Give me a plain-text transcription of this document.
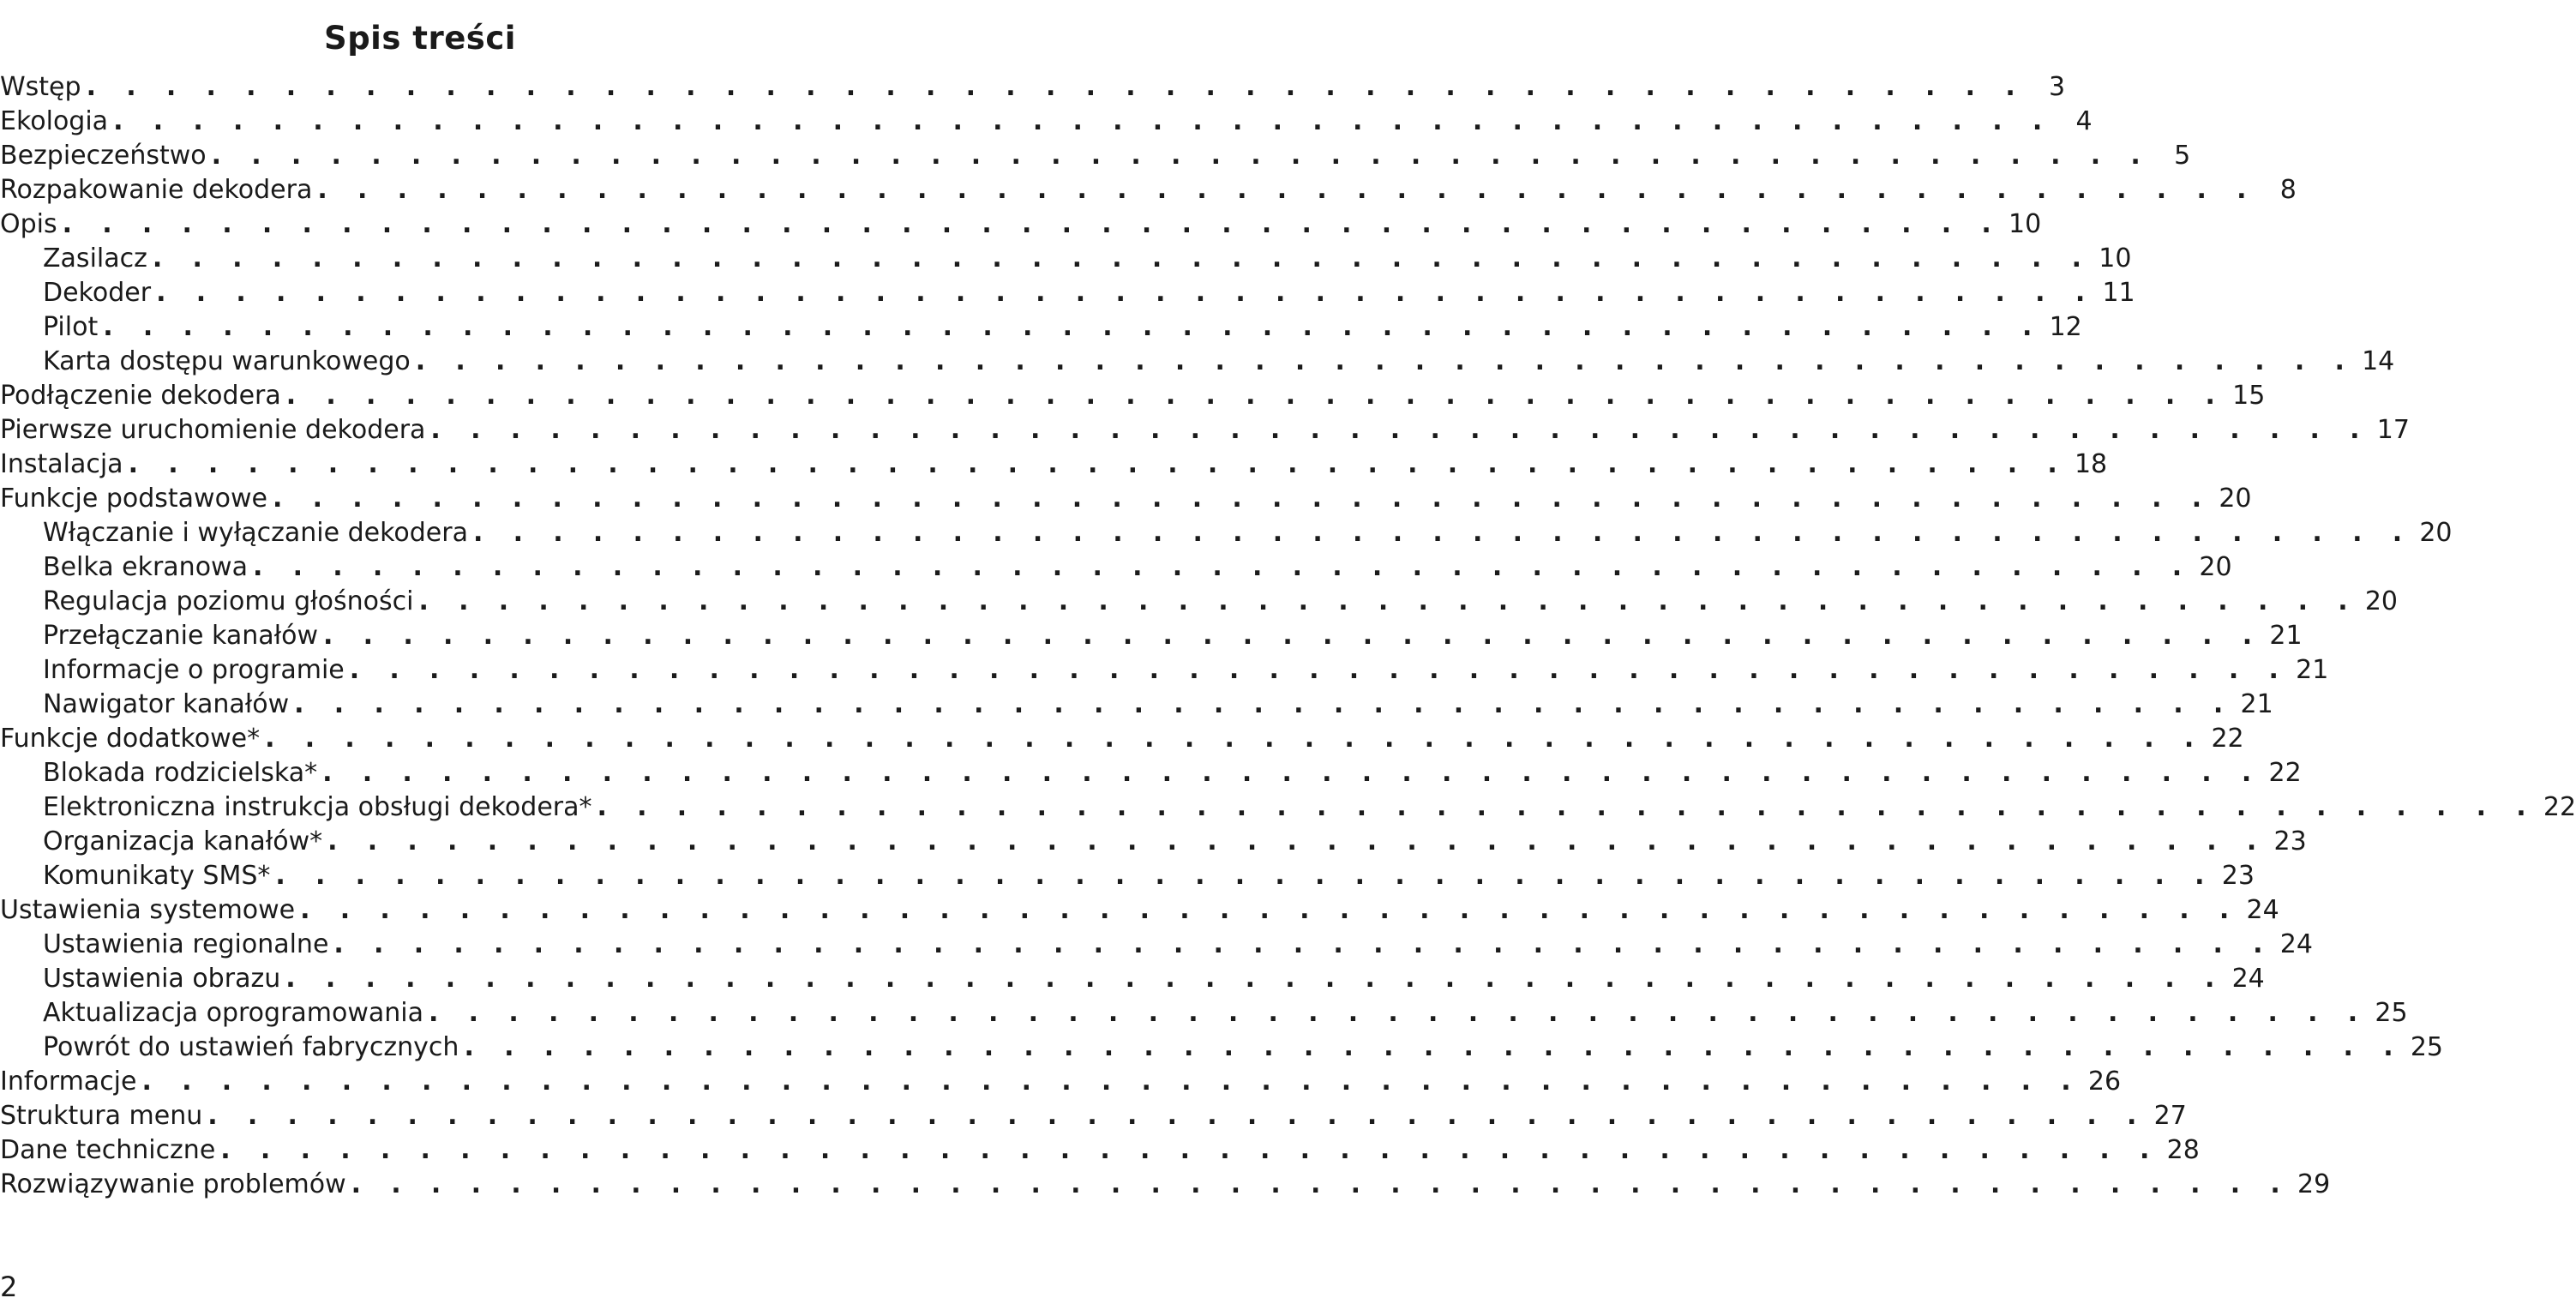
Spis treści
Wstęp . . . . . . . . . . . . . . . . . . . . . . . . . . . . . . . . . . . . . . . . . . . . . . . . . 3
Ekologia . . . . . . . . . . . . . . . . . . . . . . . . . . . . . . . . . . . . . . . . . . . . . . . . . 4
Bezpieczeństwo . . . . . . . . . . . . . . . . . . . . . . . . . . . . . . . . . . . . . . . . . . . . . . . . . 5
Rozpakowanie dekodera . . . . . . . . . . . . . . . . . . . . . . . . . . . . . . . . . . . . . . . . . . . . . . . . . 8
Opis . . . . . . . . . . . . . . . . . . . . . . . . . . . . . . . . . . . . . . . . . . . . . . . . . 10
Zasilacz . . . . . . . . . . . . . . . . . . . . . . . . . . . . . . . . . . . . . . . . . . . . . . . . . 10
Dekoder . . . . . . . . . . . . . . . . . . . . . . . . . . . . . . . . . . . . . . . . . . . . . . . . . 11
Pilot . . . . . . . . . . . . . . . . . . . . . . . . . . . . . . . . . . . . . . . . . . . . . . . . . 12
Karta dostępu warunkowego . . . . . . . . . . . . . . . . . . . . . . . . . . . . . . . . . . . . . . . . . . . . . . . . . 14
Podłączenie dekodera . . . . . . . . . . . . . . . . . . . . . . . . . . . . . . . . . . . . . . . . . . . . . . . . . 15
Pierwsze uruchomienie dekodera . . . . . . . . . . . . . . . . . . . . . . . . . . . . . . . . . . . . . . . . . . . . . . . . . 17
Instalacja . . . . . . . . . . . . . . . . . . . . . . . . . . . . . . . . . . . . . . . . . . . . . . . . . 18
Funkcje podstawowe . . . . . . . . . . . . . . . . . . . . . . . . . . . . . . . . . . . . . . . . . . . . . . . . . 20
Włączanie i wyłączanie dekodera . . . . . . . . . . . . . . . . . . . . . . . . . . . . . . . . . . . . . . . . . . . . . . . . . 20
Belka ekranowa . . . . . . . . . . . . . . . . . . . . . . . . . . . . . . . . . . . . . . . . . . . . . . . . . 20
Regulacja poziomu głośności . . . . . . . . . . . . . . . . . . . . . . . . . . . . . . . . . . . . . . . . . . . . . . . . . 20
Przełączanie kanałów . . . . . . . . . . . . . . . . . . . . . . . . . . . . . . . . . . . . . . . . . . . . . . . . . 21
Informacje o programie . . . . . . . . . . . . . . . . . . . . . . . . . . . . . . . . . . . . . . . . . . . . . . . . . 21
Nawigator kanałów . . . . . . . . . . . . . . . . . . . . . . . . . . . . . . . . . . . . . . . . . . . . . . . . . 21
Funkcje dodatkowe* . . . . . . . . . . . . . . . . . . . . . . . . . . . . . . . . . . . . . . . . . . . . . . . . . 22
Blokada rodzicielska* . . . . . . . . . . . . . . . . . . . . . . . . . . . . . . . . . . . . . . . . . . . . . . . . . 22
Elektroniczna instrukcja obsługi dekodera* . . . . . . . . . . . . . . . . . . . . . . . . . . . . . . . . . . . . . . . . . . . . . . . . . 22
Organizacja kanałów* . . . . . . . . . . . . . . . . . . . . . . . . . . . . . . . . . . . . . . . . . . . . . . . . . 23
Komunikaty SMS* . . . . . . . . . . . . . . . . . . . . . . . . . . . . . . . . . . . . . . . . . . . . . . . . . 23
Ustawienia systemowe . . . . . . . . . . . . . . . . . . . . . . . . . . . . . . . . . . . . . . . . . . . . . . . . . 24
Ustawienia regionalne . . . . . . . . . . . . . . . . . . . . . . . . . . . . . . . . . . . . . . . . . . . . . . . . . 24
Ustawienia obrazu . . . . . . . . . . . . . . . . . . . . . . . . . . . . . . . . . . . . . . . . . . . . . . . . . 24
Aktualizacja oprogramowania . . . . . . . . . . . . . . . . . . . . . . . . . . . . . . . . . . . . . . . . . . . . . . . . . 25
Powrót do ustawień fabrycznych . . . . . . . . . . . . . . . . . . . . . . . . . . . . . . . . . . . . . . . . . . . . . . . . . 25
Informacje . . . . . . . . . . . . . . . . . . . . . . . . . . . . . . . . . . . . . . . . . . . . . . . . . 26
Struktura menu . . . . . . . . . . . . . . . . . . . . . . . . . . . . . . . . . . . . . . . . . . . . . . . . . 27
Dane techniczne . . . . . . . . . . . . . . . . . . . . . . . . . . . . . . . . . . . . . . . . . . . . . . . . . 28
Rozwiązywanie problemów . . . . . . . . . . . . . . . . . . . . . . . . . . . . . . . . . . . . . . . . . . . . . . . . . 29
2
